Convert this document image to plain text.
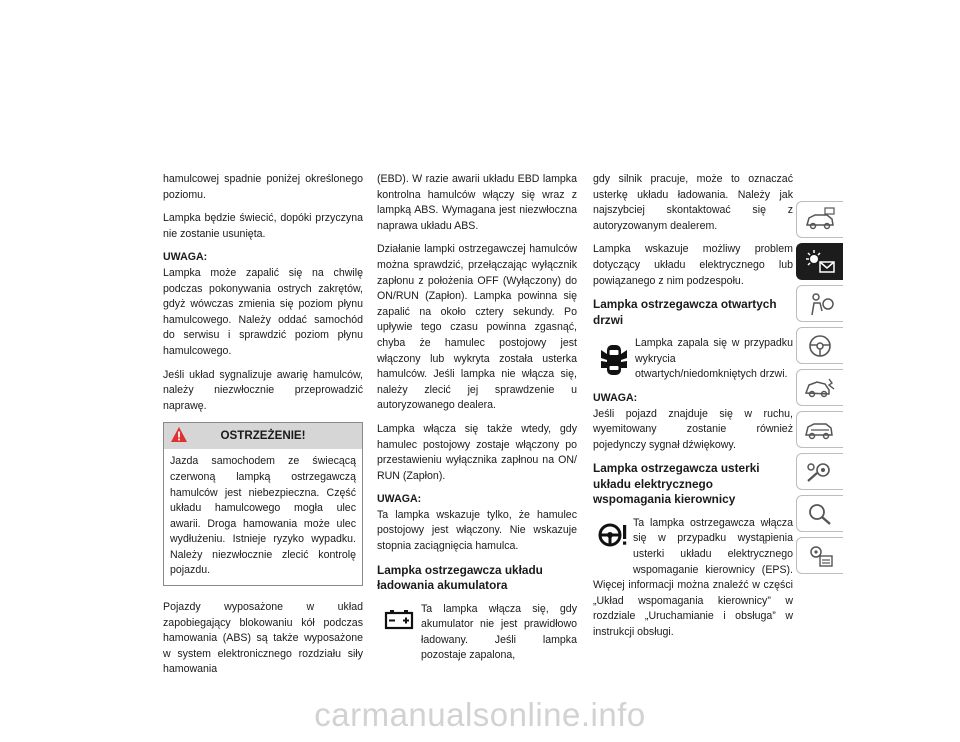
hamulcowej spadnie poniżej określonego poziomu.

Lampka będzie świecić, dopóki przyczyna nie zostanie usunięta.

UWAGA:
Lampka może zapalić się na chwilę podczas pokonywania ostrych zakrętów, gdyż wówczas zmienia się poziom płynu hamulcowego. Należy oddać samochód do serwisu i sprawdzić poziom płynu hamulcowego.

Jeśli układ sygnalizuje awarię hamulców, należy niezwłocznie przeprowadzić naprawę.

OSTRZEŻENIE!

Jazda samochodem ze świecącą czerwoną lampką ostrzegawczą hamulców jest niebezpieczna. Część układu hamulcowego mogła ulec awarii. Droga hamowania może ulec wydłużeniu. Istnieje ryzyko wypadku. Należy niezwłocznie zlecić kontrolę pojazdu.

Pojazdy wyposażone w układ zapobiegający blokowaniu kół podczas hamowania (ABS) są także wyposażone w system elektronicznego rozdziału siły hamowania

(EBD). W razie awarii układu EBD lampka kontrolna hamulców włączy się wraz z lampką ABS. Wymagana jest niezwłoczna naprawa układu ABS.

Działanie lampki ostrzegawczej hamulców można sprawdzić, przełączając wyłącznik zapłonu z położenia OFF (Wyłączony) do ON/RUN (Zapłon). Lampka powinna się zapalić na około cztery sekundy. Po upływie tego czasu powinna zgasnąć, chyba że hamulec postojowy jest włączony lub wykryta została usterka hamulców. Jeśli lampka nie włącza się, należy zlecić jej sprawdzenie u autoryzowanego dealera.

Lampka włącza się także wtedy, gdy hamulec postojowy zostaje włączony po przestawieniu wyłącznika zapłnou na ON/ RUN (Zapłon).

UWAGA:
Ta lampka wskazuje tylko, że hamulec postojowy jest włączony. Nie wskazuje stopnia zaciągnięcia hamulca.

Lampka ostrzegawcza układu ładowania akumulatora
Ta lampka włącza się, gdy akumulator nie jest prawidłowo ładowany. Jeśli lampka pozostaje zapalona,

gdy silnik pracuje, może to oznaczać usterkę układu ładowania. Należy jak najszybciej skontaktować się z autoryzowanym dealerem.

Lampka wskazuje możliwy problem dotyczący układu elektrycznego lub powiązanego z nim podzespołu.

Lampka ostrzegawcza otwartych drzwi
Lampka zapala się w przypadku wykrycia otwartych/niedomkniętych drzwi.

UWAGA:
Jeśli pojazd znajduje się w ruchu, wyemitowany zostanie również pojedynczy sygnał dźwiękowy.

Lampka ostrzegawcza usterki układu elektrycznego wspomagania kierownicy
Ta lampka ostrzegawcza włącza się w przypadku wystąpienia usterki układu elektrycznego wspomaganie kierownicy (EPS). Więcej informacji można znaleźć w części „Układ wspomagania kierownicy” w rozdziale „Uruchamianie i obsługa” w instrukcji obsługi.
carmanualsonline.info
